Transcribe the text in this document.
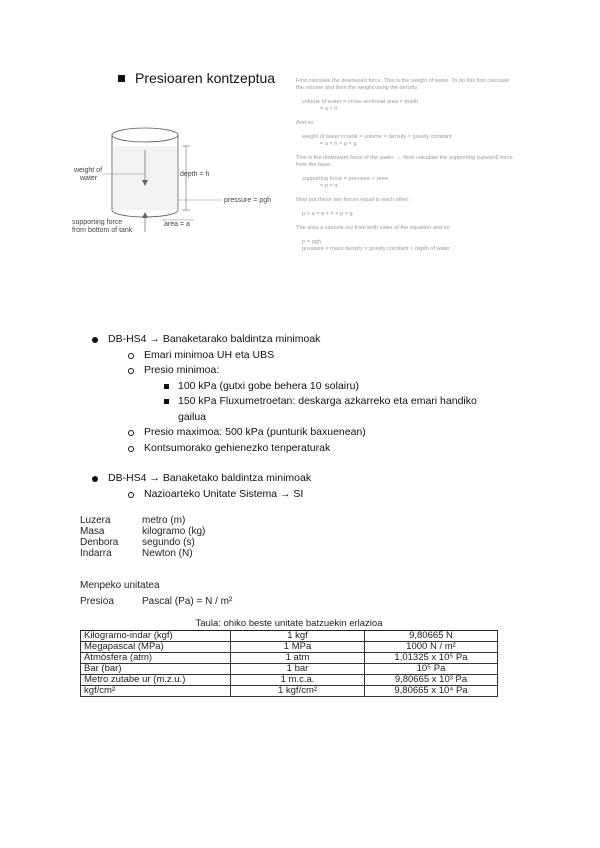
Presioaren kontzeptua
weight of
water
depth = h
pressure = ρgh
supporting force
from bottom of tank
area = a

First calculate the downward force. This is the weight of water. To do this first calculate

the volume and then the weight using the density.

volume of water = cross-sectional area × depth

= a × h

And so

weight of water in tank = volume × density × gravity constant

= a × h × ρ × g

This is the downward force of the water. → Now calculate the supporting (upward) force

from the base.

supporting force = pressure × area

= p × a

Now put these two forces equal to each other:

p × a = a × h × ρ × g

The area a cancels out from both sides of the equation and so

p = ρgh

pressure = mass density × gravity constant × depth of water

DB-HS4 → Banaketarako baldintza minimoak
Emari minimoa UH eta UBS
Presio minimoa:
100 kPa (gutxi gobe behera 10 solairu)
150 kPa Fluxumetroetan: deskarga azkarreko eta emari handiko
gailua
Presio maximoa: 500 kPa (punturik baxuenean)
Kontsumorako gehienezko tenperaturak
DB-HS4 → Banaketako baldintza minimoak
Nazioarteko Unitate Sistema → SI
Luzera	metro (m)
Masa	kilogramo (kg)
Denbora	segundo (s)
Indarra	Newton (N)
Menpeko unitatea
Presioa	Pascal (Pa) = N / m²
Taula: ohiko beste unitate batzuekin erlazioa
Kilogramo-indar (kgf)	1 kgf	9,80665 N
Megapascal (MPa)	1 MPa	1000 N / m²
Atmósfera (atm)	1 atm	1,01325 x 10⁵ Pa
Bar (bar)	1 bar	10⁵ Pa
Metro zutabe ur (m.z.u.)	1 m.c.a.	9,80665 x 10³ Pa
kgf/cm²	1 kgf/cm²	9,80665 x 10⁴ Pa
